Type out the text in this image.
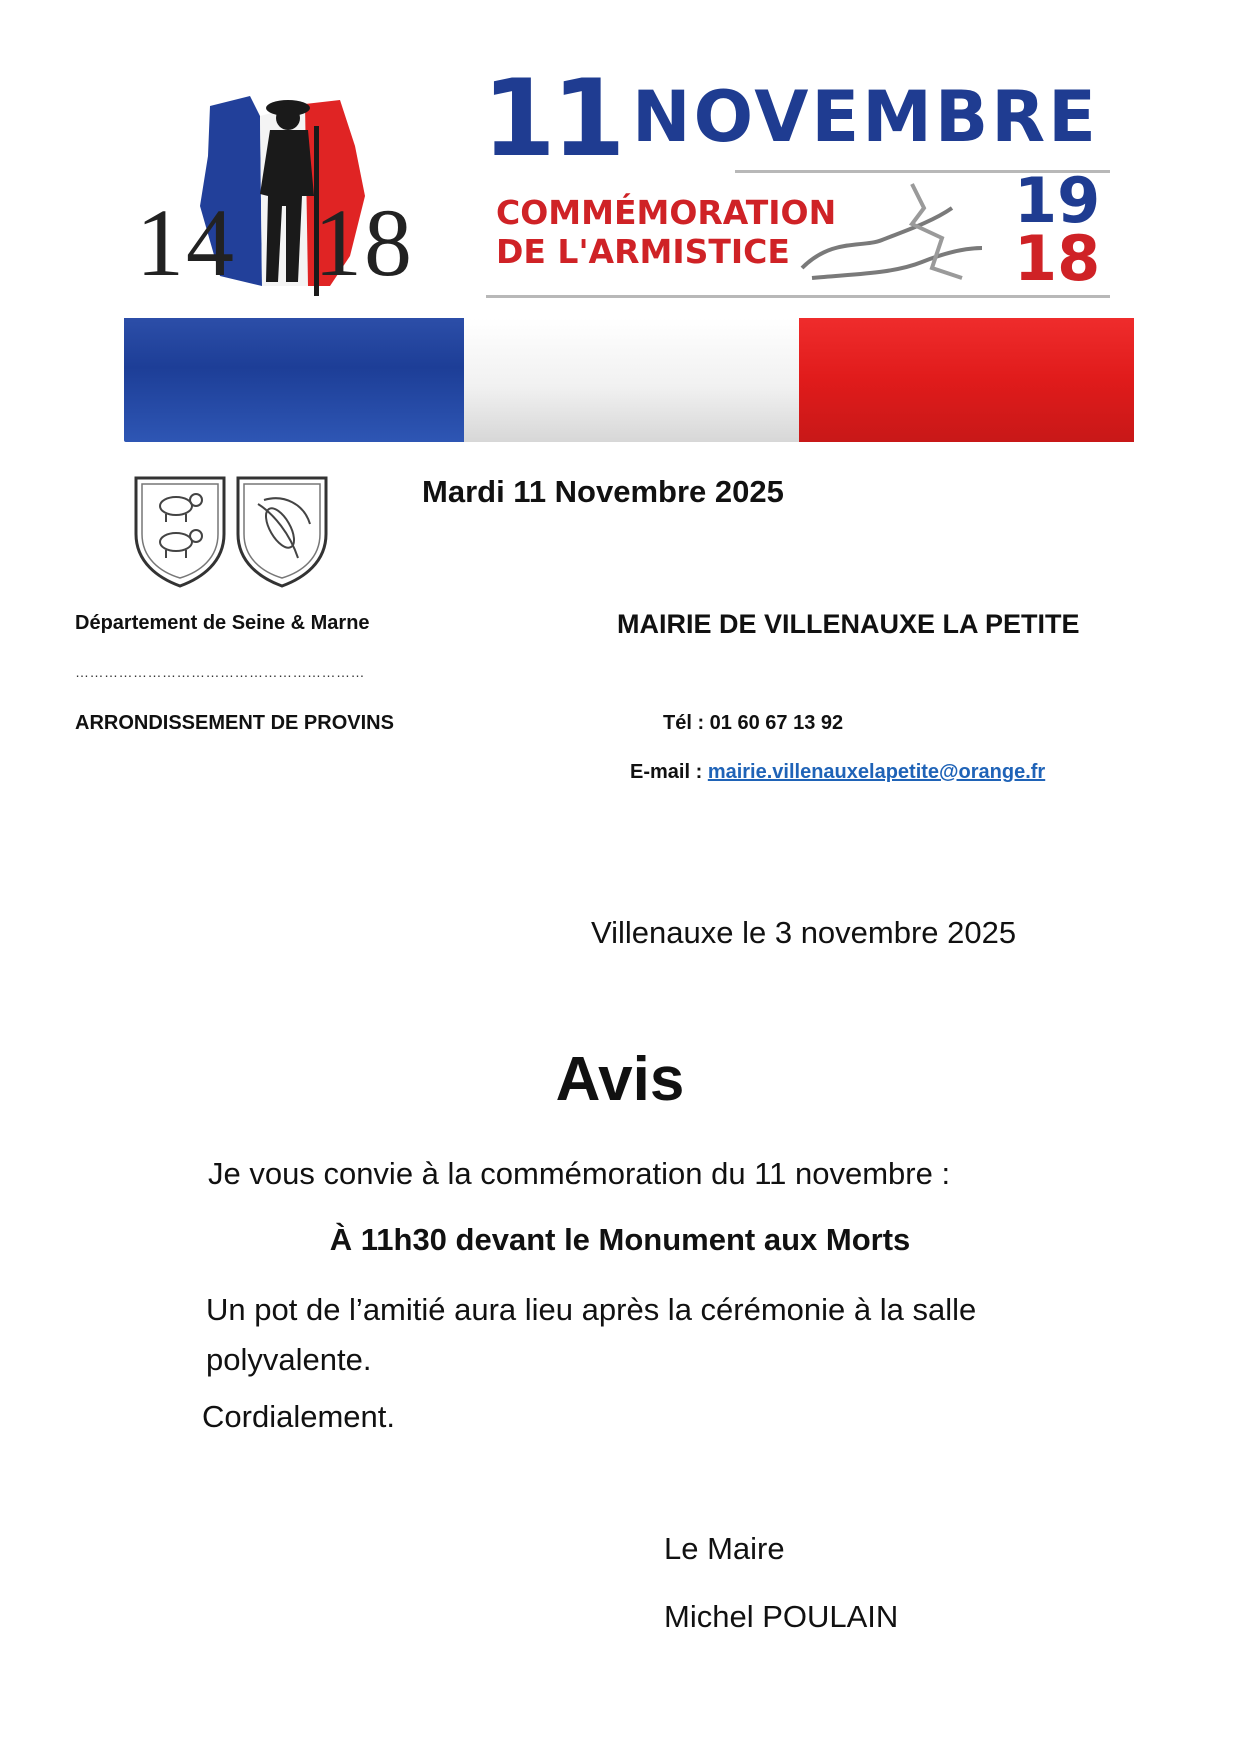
14 18
11 NOVEMBRE
COMMÉMORATION
DE L'ARMISTICE
19
18
Mardi 11 Novembre 2025
Département de Seine & Marne
……………………………………………………
ARRONDISSEMENT DE PROVINS
MAIRIE DE VILLENAUXE LA PETITE
Tél : 01 60 67 13 92
E-mail : mairie.villenauxelapetite@orange.fr
Villenauxe le 3 novembre 2025
Avis
Je vous convie à la commémoration du 11 novembre :
À 11h30 devant le Monument aux Morts
Un pot de l’amitié aura lieu après la cérémonie à la salle polyvalente.
Cordialement.
Le Maire
Michel POULAIN
